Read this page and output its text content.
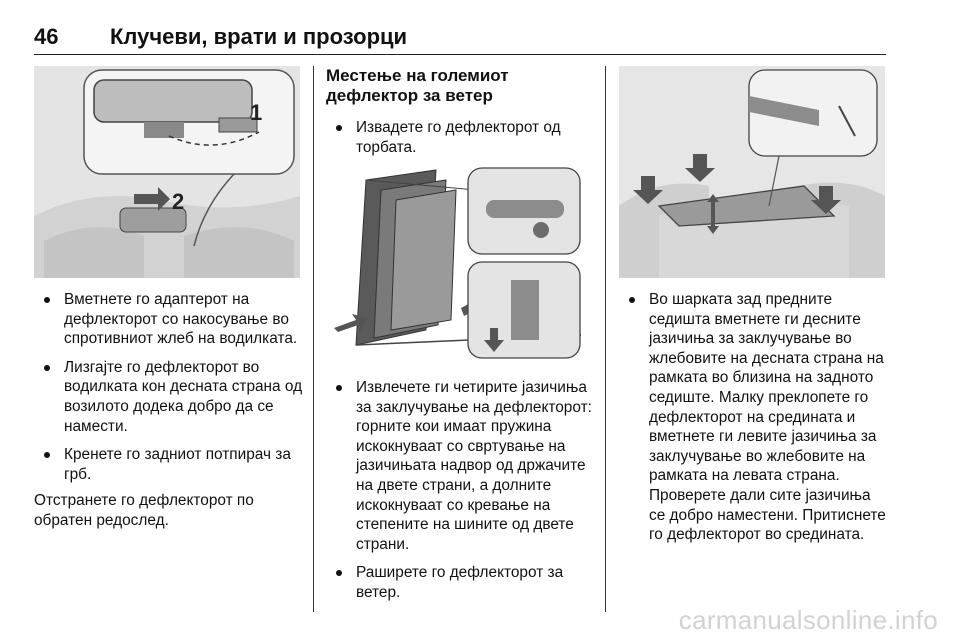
46	Клучеви, врати и прозорци
1
2
Вметнете го адаптерот на дефлекторот со накосување во спротивниот жлеб на водилката.
Лизгајте го дефлекторот во водилката кон десната страна од возилото додека добро да се намести.
Кренете го задниот потпирач за грб.

Отстранете го дефлекторот по обратен редослед.

Местење на големиот дефлектор за ветер
Извадете го дефлекторот од торбата.
Извлечете ги четирите јазичиња за заклучување на дефлекторот: горните кои имаат пружина искокнуваат со свртување на јазичињата надвор од држачите на двете страни, а долните искокнуваат со кревање на степените на шините од двете страни.
Раширете го дефлекторот за ветер.
Во шарката зад предните седишта вметнете ги десните јазичиња за заклучување во жлебовите на десната страна на рамката во близина на задното седиште. Малку преклопете го дефлекторот на средината и вметнете ги левите јазичиња за заклучување во жлебовите на рамката на левата страна.

Проверете дали сите јазичиња се добро наместени. Притиснете го дефлекторот во средината.

carmanualsonline.info
